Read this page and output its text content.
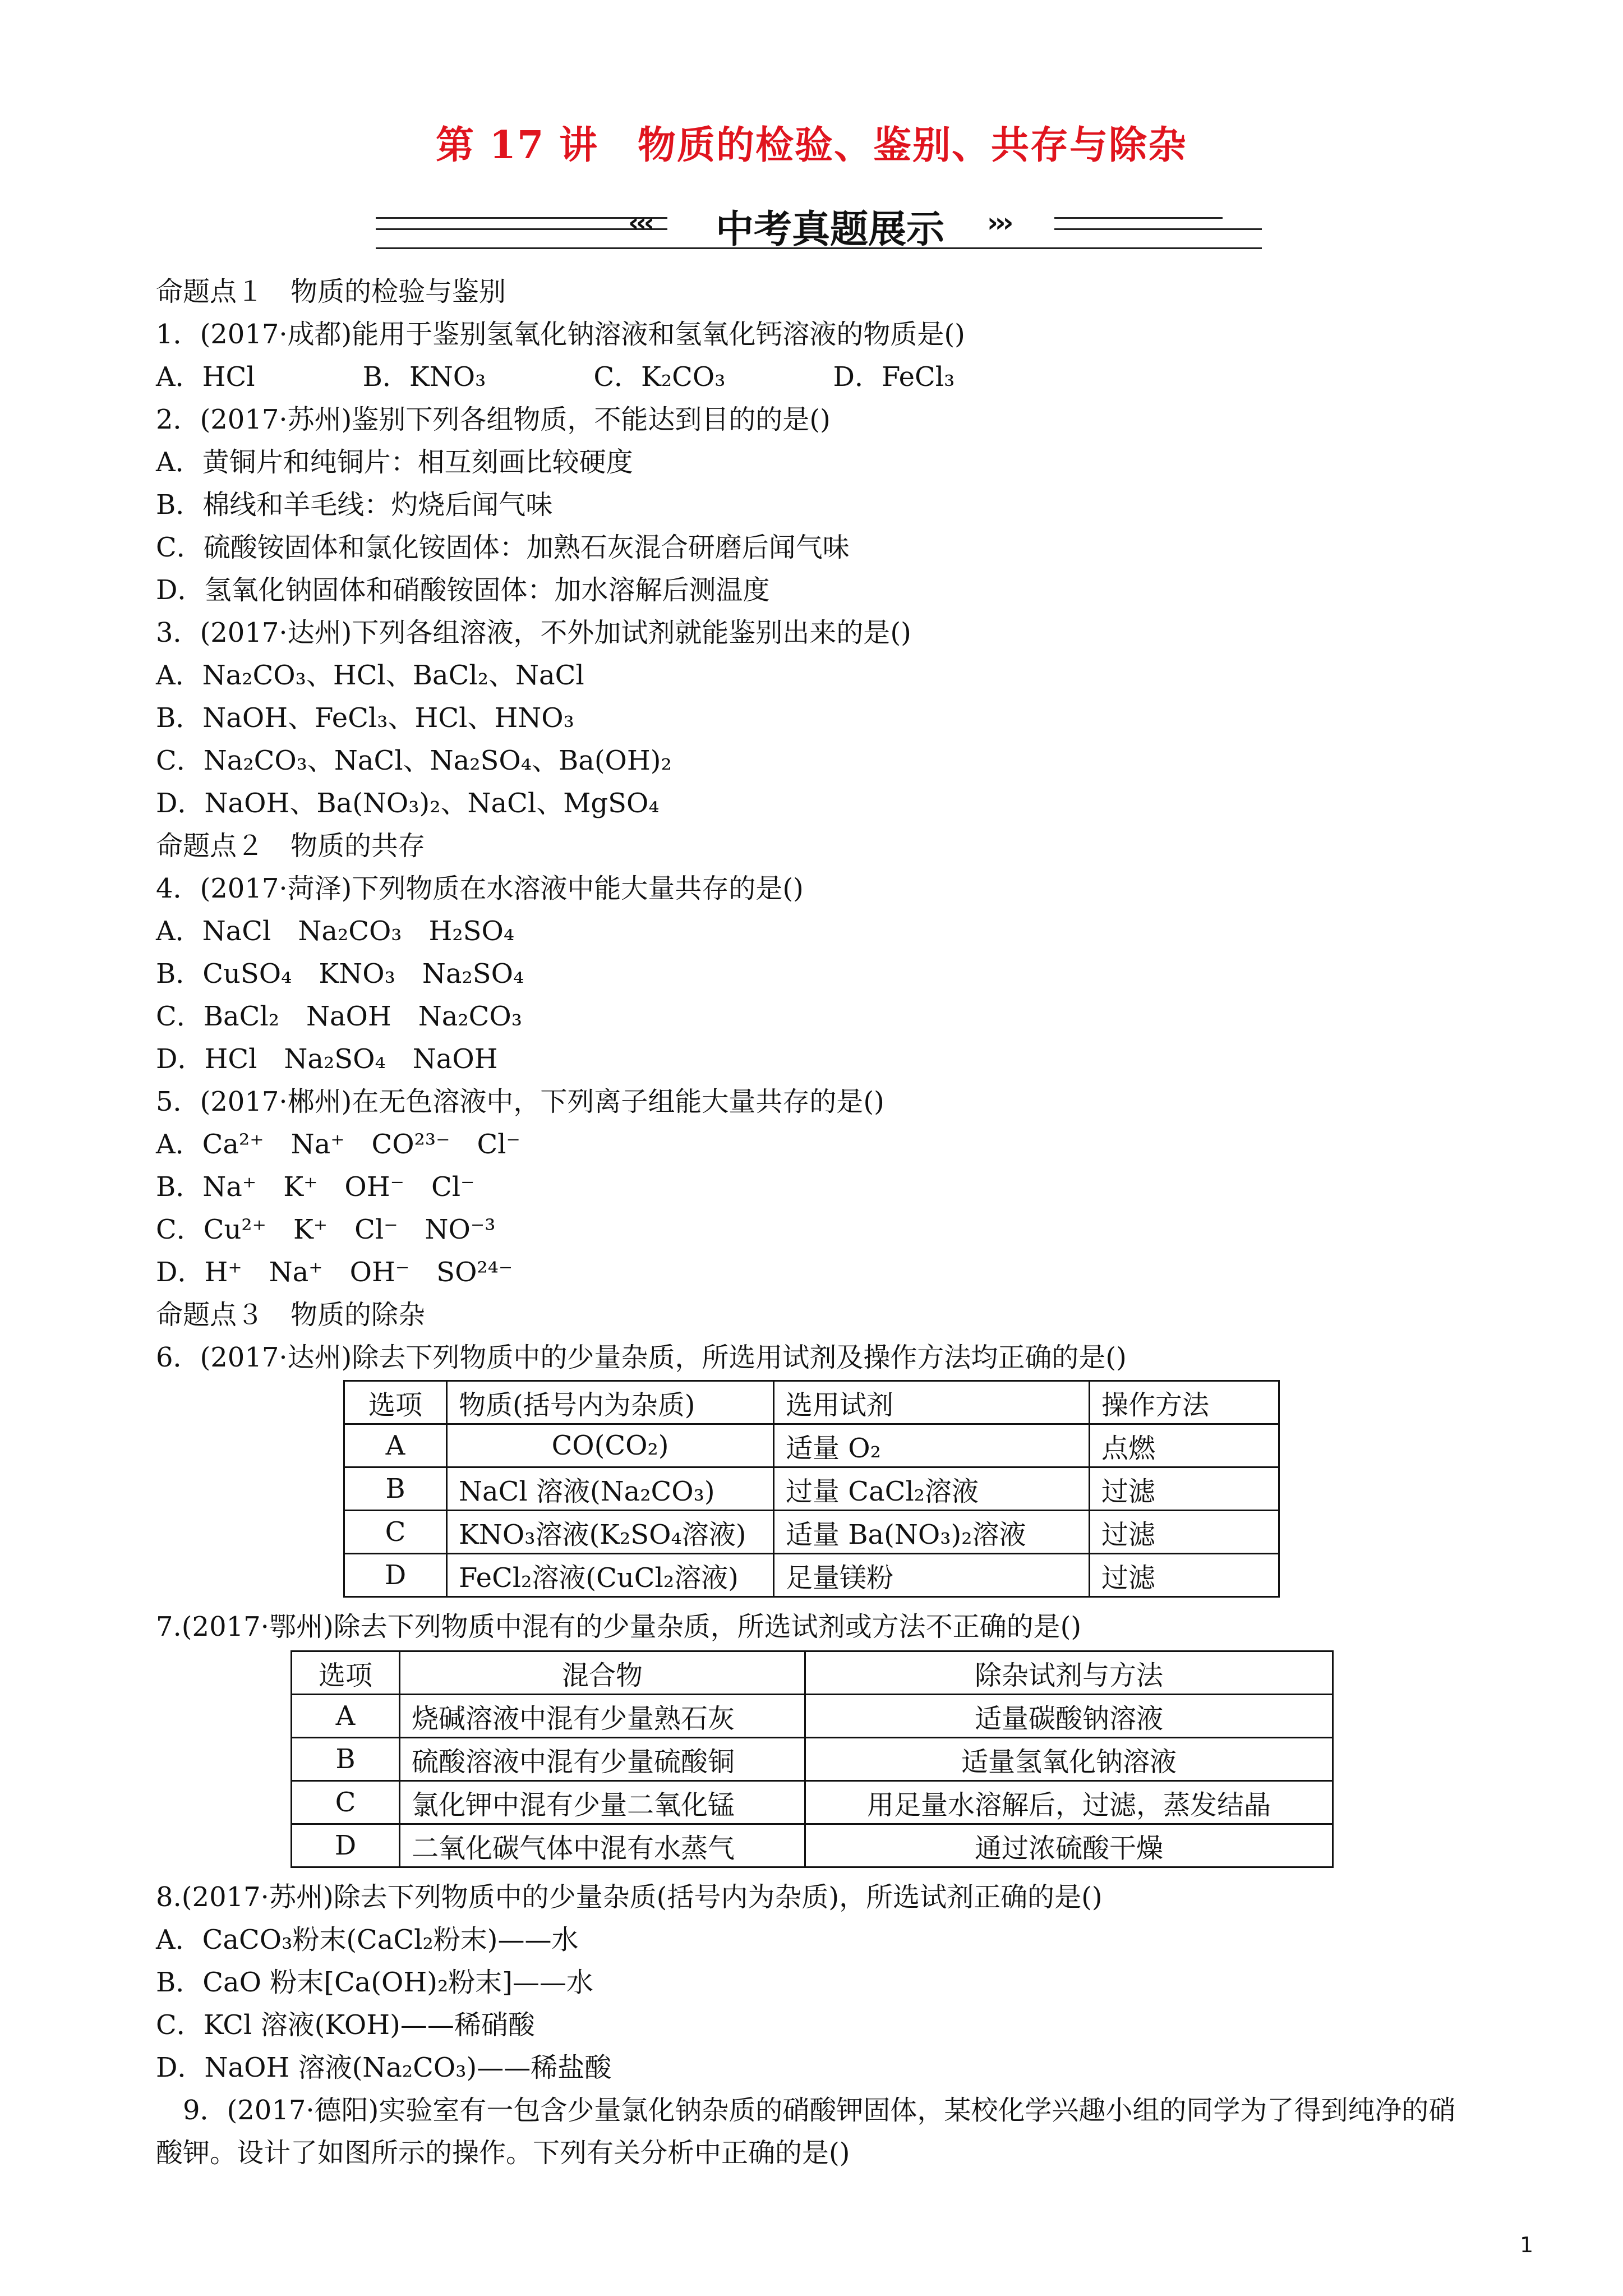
第 17 讲　物质的检验、鉴别、共存与除杂
‹‹‹	中考真题展示	›››
命题点１　物质的检验与鉴别
1．(2017·成都)能用于鉴别氢氧化钠溶液和氢氧化钙溶液的物质是()
A．HCl　　　　B．KNO₃　　　　C．K₂CO₃　　　　D．FeCl₃
2．(2017·苏州)鉴别下列各组物质，不能达到目的的是()
A．黄铜片和纯铜片：相互刻画比较硬度
B．棉线和羊毛线：灼烧后闻气味
C．硫酸铵固体和氯化铵固体：加熟石灰混合研磨后闻气味
D．氢氧化钠固体和硝酸铵固体：加水溶解后测温度
3．(2017·达州)下列各组溶液，不外加试剂就能鉴别出来的是()
A．Na₂CO₃、HCl、BaCl₂、NaCl
B．NaOH、FeCl₃、HCl、HNO₃
C．Na₂CO₃、NaCl、Na₂SO₄、Ba(OH)₂
D．NaOH、Ba(NO₃)₂、NaCl、MgSO₄
命题点２　物质的共存
4．(2017·菏泽)下列物质在水溶液中能大量共存的是()
A．NaCl　Na₂CO₃　H₂SO₄
B．CuSO₄　KNO₃　Na₂SO₄
C．BaCl₂　NaOH　Na₂CO₃
D．HCl　Na₂SO₄　NaOH
5．(2017·郴州)在无色溶液中，下列离子组能大量共存的是()
A．Ca²⁺　Na⁺　CO²³⁻　Cl⁻
B．Na⁺　K⁺　OH⁻　Cl⁻
C．Cu²⁺　K⁺　Cl⁻　NO⁻³
D．H⁺　Na⁺　OH⁻　SO²⁴⁻
命题点３　物质的除杂
6．(2017·达州)除去下列物质中的少量杂质，所选用试剂及操作方法均正确的是()
选项	物质(括号内为杂质)	选用试剂	操作方法
A	CO(CO₂)	适量 O₂	点燃
B	NaCl 溶液(Na₂CO₃)	过量 CaCl₂溶液	过滤
C	KNO₃溶液(K₂SO₄溶液)	适量 Ba(NO₃)₂溶液	过滤
D	FeCl₂溶液(CuCl₂溶液)	足量镁粉	过滤
7.(2017·鄂州)除去下列物质中混有的少量杂质，所选试剂或方法不正确的是()
选项	混合物	除杂试剂与方法
A	烧碱溶液中混有少量熟石灰	适量碳酸钠溶液
B	硫酸溶液中混有少量硫酸铜	适量氢氧化钠溶液
C	氯化钾中混有少量二氧化锰	用足量水溶解后，过滤，蒸发结晶
D	二氧化碳气体中混有水蒸气	通过浓硫酸干燥
8.(2017·苏州)除去下列物质中的少量杂质(括号内为杂质)，所选试剂正确的是()
A．CaCO₃粉末(CaCl₂粉末)——水
B．CaO 粉末[Ca(OH)₂粉末]——水
C．KCl 溶液(KOH)——稀硝酸
D．NaOH 溶液(Na₂CO₃)——稀盐酸
　9．(2017·德阳)实验室有一包含少量氯化钠杂质的硝酸钾固体，某校化学兴趣小组的同学为了得到纯净的硝
酸钾。设计了如图所示的操作。下列有关分析中正确的是()
1
